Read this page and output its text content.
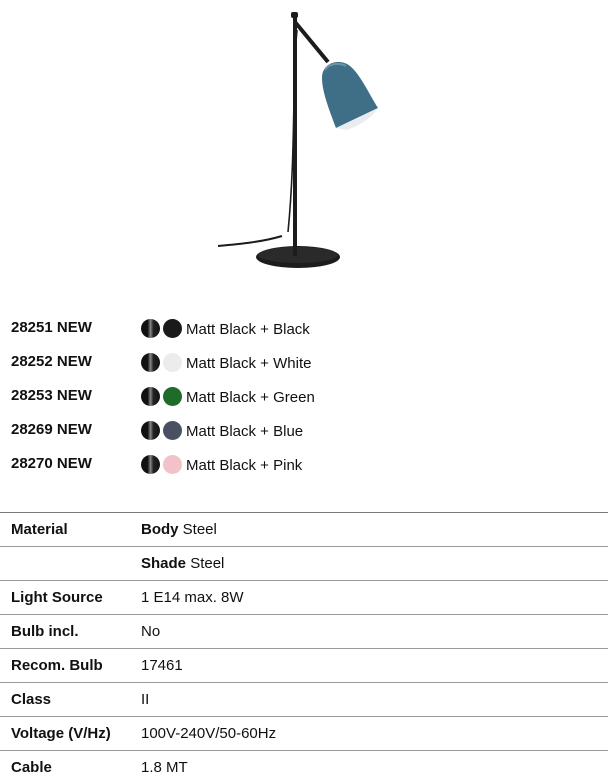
28251 NEW	Matt Black + Black
28252 NEW	Matt Black + White
28253 NEW	Matt Black + Green
28269 NEW	Matt Black + Blue
28270 NEW	Matt Black + Pink
Material	Body Steel
Shade Steel
Light Source	1 E14 max. 8W
Bulb incl.	No
Recom. Bulb	17461
Class	II
Voltage (V/Hz) 100V-240V/50-60Hz
Cable	1.8 MT
